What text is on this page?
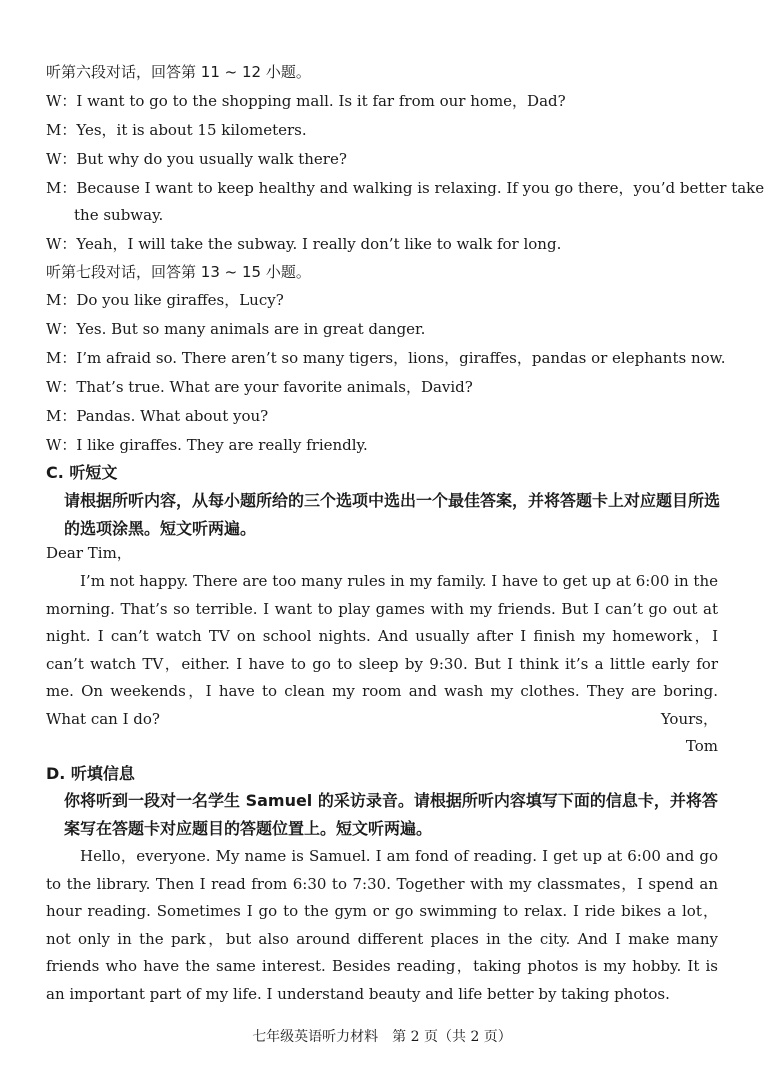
听第六段对话，回答第 11 ~ 12 小题。
W：I want to go to the shopping mall. Is it far from our home，Dad?
M：Yes，it is about 15 kilometers.
W：But why do you usually walk there?
M：Because I want to keep healthy and walking is relaxing. If you go there，you’d better take
the subway.
W：Yeah，I will take the subway. I really don’t like to walk for long.
听第七段对话，回答第 13 ~ 15 小题。
M：Do you like giraffes，Lucy?
W：Yes. But so many animals are in great danger.
M：I’m afraid so. There aren’t so many tigers，lions，giraffes，pandas or elephants now.
W：That’s true. What are your favorite animals，David?
M：Pandas. What about you?
W：I like giraffes. They are really friendly.
C. 听短文
请根据所听内容，从每小题所给的三个选项中选出一个最佳答案，并将答题卡上对应题目所选的选项涂黑。短文听两遍。
Dear Tim，
I’m not happy. There are too many rules in my family. I have to get up at 6:00 in the morning. That’s so terrible. I want to play games with my friends. But I can’t go out at night. I can’t watch TV on school nights. And usually after I finish my homework，I can’t watch TV，either. I have to go to sleep by 9:30. But I think it’s a little early for me. On weekends，I have to clean my room and wash my clothes. They are boring. What can I do?	Yours，
Tom
D. 听填信息
你将听到一段对一名学生 Samuel 的采访录音。请根据所听内容填写下面的信息卡，并将答案写在答题卡对应题目的答题位置上。短文听两遍。
Hello，everyone. My name is Samuel. I am fond of reading. I get up at 6:00 and go to the library. Then I read from 6:30 to 7:30. Together with my classmates，I spend an hour reading. Sometimes I go to the gym or go swimming to relax. I ride bikes a lot，not only in the park，but also around different places in the city. And I make many friends who have the same interest. Besides reading，taking photos is my hobby. It is an important part of my life. I understand beauty and life better by taking photos.
七年级英语听力材料　第 2 页（共 2 页）
